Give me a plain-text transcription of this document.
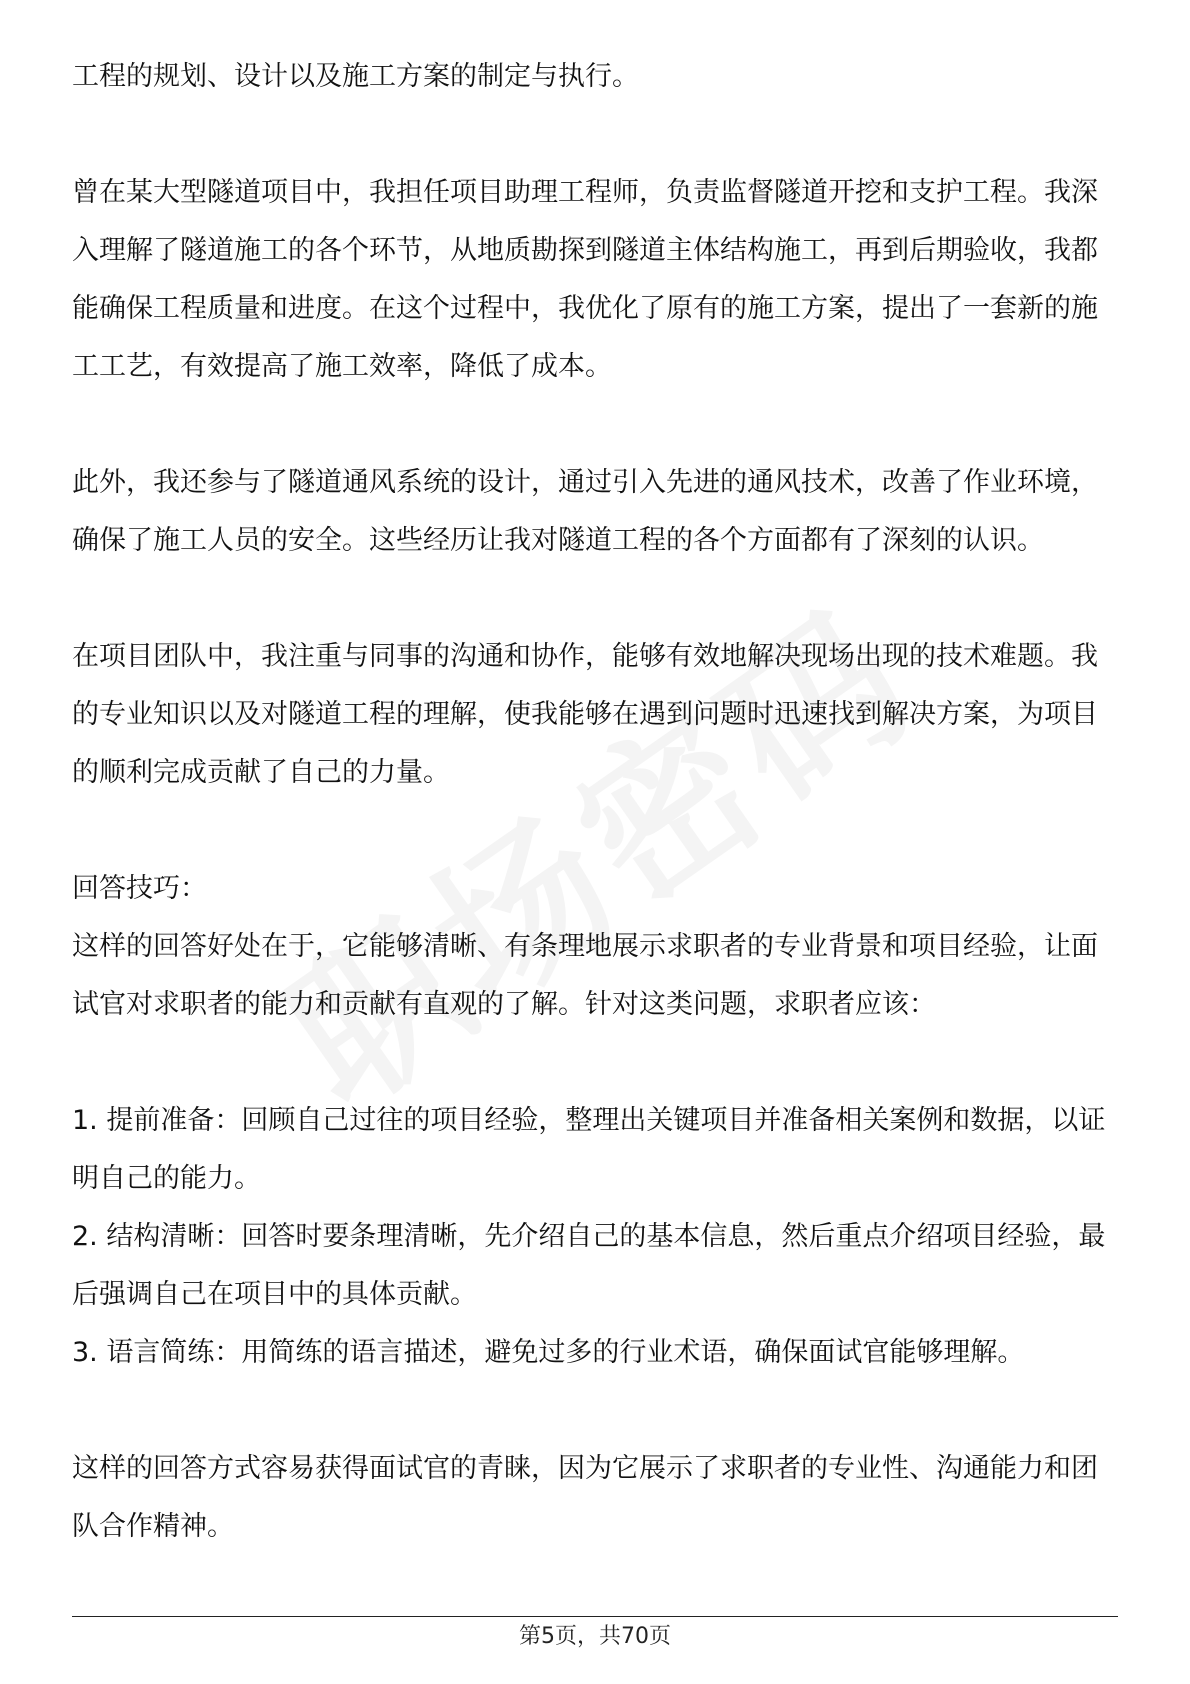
工程的规划、设计以及施工方案的制定与执行。

曾在某大型隧道项目中，我担任项目助理工程师，负责监督隧道开挖和支护工程。我深入理解了隧道施工的各个环节，从地质勘探到隧道主体结构施工，再到后期验收，我都能确保工程质量和进度。在这个过程中，我优化了原有的施工方案，提出了一套新的施工工艺，有效提高了施工效率，降低了成本。

此外，我还参与了隧道通风系统的设计，通过引入先进的通风技术，改善了作业环境，确保了施工人员的安全。这些经历让我对隧道工程的各个方面都有了深刻的认识。

在项目团队中，我注重与同事的沟通和协作，能够有效地解决现场出现的技术难题。我的专业知识以及对隧道工程的理解，使我能够在遇到问题时迅速找到解决方案，为项目的顺利完成贡献了自己的力量。

回答技巧：

这样的回答好处在于，它能够清晰、有条理地展示求职者的专业背景和项目经验，让面试官对求职者的能力和贡献有直观的了解。针对这类问题，求职者应该：

1. 提前准备：回顾自己过往的项目经验，整理出关键项目并准备相关案例和数据，以证明自己的能力。

2. 结构清晰：回答时要条理清晰，先介绍自己的基本信息，然后重点介绍项目经验，最后强调自己在项目中的具体贡献。

3. 语言简练：用简练的语言描述，避免过多的行业术语，确保面试官能够理解。

这样的回答方式容易获得面试官的青睐，因为它展示了求职者的专业性、沟通能力和团队合作精神。

第5页，共70页
